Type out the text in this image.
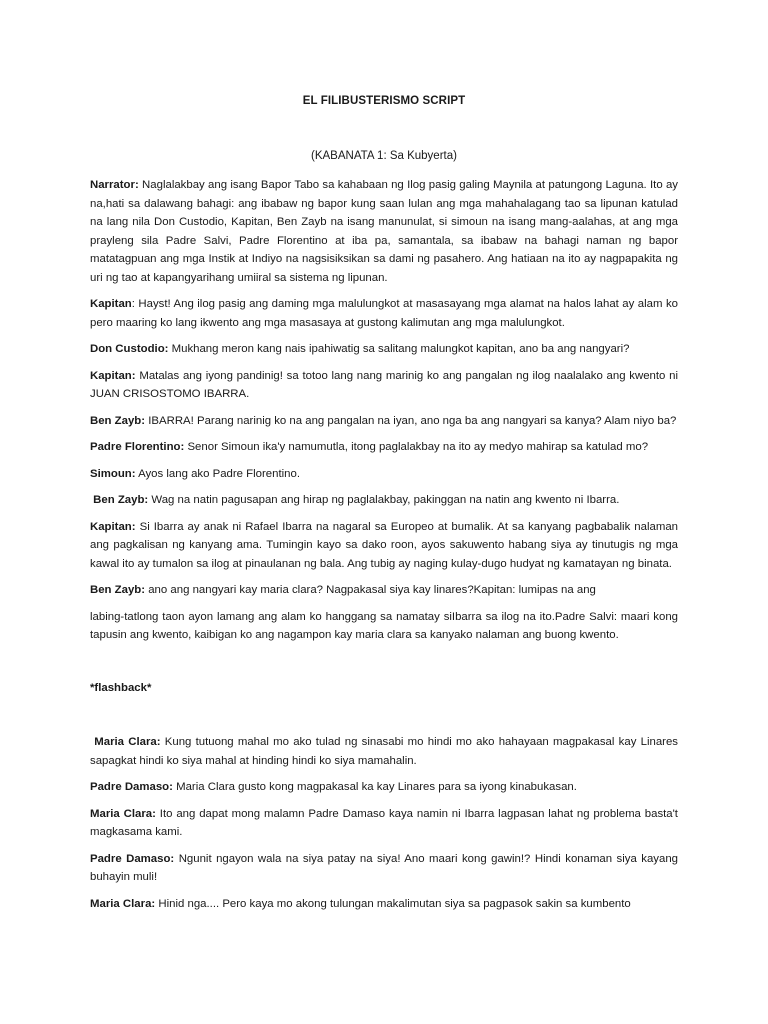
EL FILIBUSTERISMO SCRIPT
(KABANATA 1: Sa Kubyerta)

Narrator: Naglalakbay ang isang Bapor Tabo sa kahabaan ng Ilog pasig galing Maynila at patungong Laguna. Ito ay na,hati sa dalawang bahagi: ang ibabaw ng bapor kung saan lulan ang mga mahahalagang tao sa lipunan katulad na lang nila Don Custodio, Kapitan, Ben Zayb na isang manunulat, si simoun na isang mang-aalahas, at ang mga prayleng sila Padre Salvi, Padre Florentino at iba pa, samantala, sa ibabaw na bahagi naman ng bapor matatagpuan ang mga Instik at Indiyo na nagsisiksikan sa dami ng pasahero. Ang hatiaan na ito ay nagpapakita ng uri ng tao at kapangyarihang umiiral sa sistema ng lipunan.

Kapitan: Hayst! Ang ilog pasig ang daming mga malulungkot at masasayang mga alamat na halos lahat ay alam ko pero maaring ko lang ikwento ang mga masasaya at gustong kalimutan ang mga malulungkot.

Don Custodio: Mukhang meron kang nais ipahiwatig sa salitang malungkot kapitan, ano ba ang nangyari?

Kapitan: Matalas ang iyong pandinig! sa totoo lang nang marinig ko ang pangalan ng ilog naalalako ang kwento ni JUAN CRISOSTOMO IBARRA.

Ben Zayb: IBARRA! Parang narinig ko na ang pangalan na iyan, ano nga ba ang nangyari sa kanya? Alam niyo ba?

Padre Florentino: Senor Simoun ika'y namumutla, itong paglalakbay na ito ay medyo mahirap sa katulad mo?

Simoun: Ayos lang ako Padre Florentino.

Ben Zayb: Wag na natin pagusapan ang hirap ng paglalakbay, pakinggan na natin ang kwento ni Ibarra.

Kapitan: Si Ibarra ay anak ni Rafael Ibarra na nagaral sa Europeo at bumalik. At sa kanyang pagbabalik nalaman ang pagkalisan ng kanyang ama. Tumingin kayo sa dako roon, ayos sakuwento habang siya ay tinutugis ng mga kawal ito ay tumalon sa ilog at pinaulanan ng bala. Ang tubig ay naging kulay-dugo hudyat ng kamatayan ng binata.

Ben Zayb: ano ang nangyari kay maria clara? Nagpakasal siya kay linares?Kapitan: lumipas na ang

labing-tatlong taon ayon lamang ang alam ko hanggang sa namatay siIbarra sa ilog na ito.Padre Salvi: maari kong tapusin ang kwento, kaibigan ko ang nagampon kay maria clara sa kanyako nalaman ang buong kwento.

*flashback*

Maria Clara: Kung tutuong mahal mo ako tulad ng sinasabi mo hindi mo ako hahayaan magpakasal kay Linares sapagkat hindi ko siya mahal at hinding hindi ko siya mamahalin.

Padre Damaso: Maria Clara gusto kong magpakasal ka kay Linares para sa iyong kinabukasan.

Maria Clara: Ito ang dapat mong malamn Padre Damaso kaya namin ni Ibarra lagpasan lahat ng problema basta't magkasama kami.

Padre Damaso: Ngunit ngayon wala na siya patay na siya! Ano maari kong gawin!? Hindi konaman siya kayang buhayin muli!

Maria Clara: Hinid nga.... Pero kaya mo akong tulungan makalimutan siya sa pagpasok sakin sa kumbento
